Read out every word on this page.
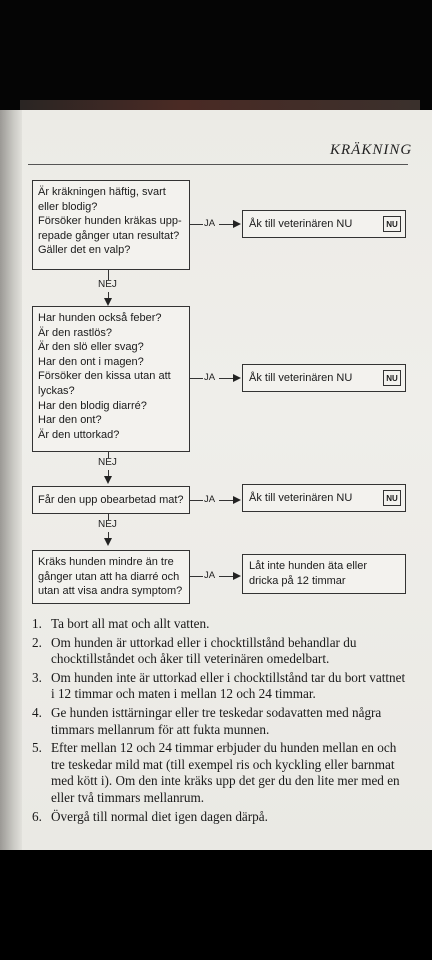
KRÄKNING
Är kräkningen häftig, svart
eller blodig?
Försöker hunden kräkas upp-
repade gånger utan resultat?
Gäller det en valp?
JA	Åk till veterinären NU	NU
NEJ
Har hunden också feber?
Är den rastlös?
Är den slö eller svag?
Har den ont i magen?
Försöker den kissa utan att
lyckas?
Har den blodig diarré?
Har den ont?
Är den uttorkad?
JA	Åk till veterinären NU	NU
NEJ
Får den upp obearbetad mat? JA	Åk till veterinären NU	NU
NEJ
Kräks hunden mindre än tre
gånger utan att ha diarré och
utan att visa andra symptom?
JA
Låt inte hunden äta eller
dricka på 12 timmar
1. Ta bort all mat och allt vatten.
2. Om hunden är uttorkad eller i chocktillstånd behandlar du chocktillståndet och åker till veterinären omedelbart.
3. Om hunden inte är uttorkad eller i chocktillstånd tar du bort vattnet i 12 timmar och maten i mellan 12 och 24 timmar.
4. Ge hunden isttärningar eller tre teskedar sodavatten med några timmars mellanrum för att fukta munnen.
5. Efter mellan 12 och 24 timmar erbjuder du hunden mellan en och tre teskedar mild mat (till exempel ris och kyckling eller barnmat med kött i). Om den inte kräks upp det ger du den lite mer med en eller två timmars mellanrum.
6. Övergå till normal diet igen dagen därpå.
